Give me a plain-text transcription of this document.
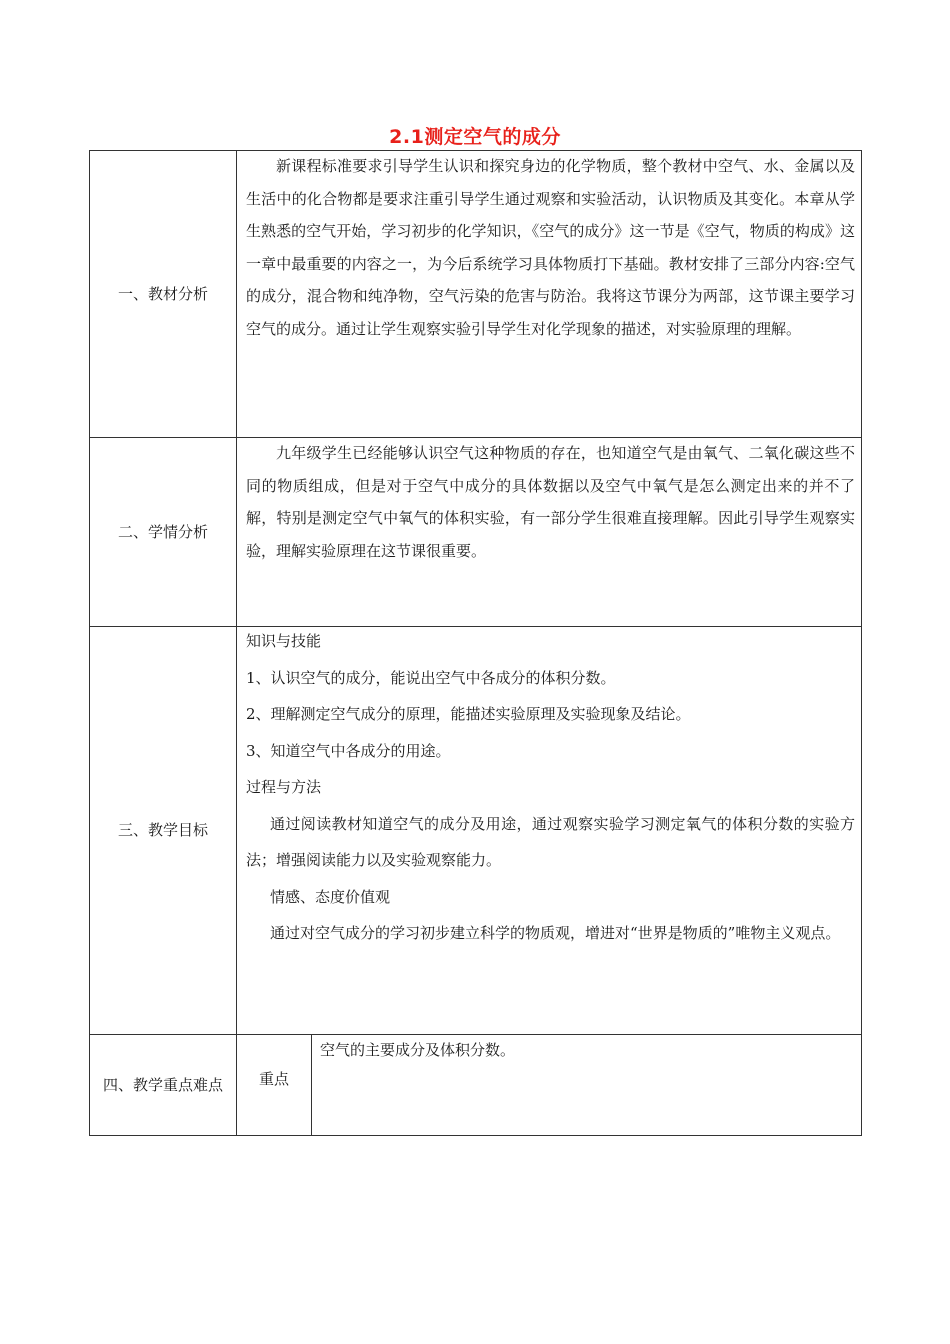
2.1测定空气的成分
一、教材分析

新课程标准要求引导学生认识和探究身边的化学物质，整个教材中空气、水、金属以及生活中的化合物都是要求注重引导学生通过观察和实验活动，认识物质及其变化。本章从学生熟悉的空气开始，学习初步的化学知识，《空气的成分》这一节是《空气，物质的构成》这一章中最重要的内容之一，为今后系统学习具体物质打下基础。教材安排了三部分内容:空气的成分，混合物和纯净物，空气污染的危害与防治。我将这节课分为两部，这节课主要学习空气的成分。通过让学生观察实验引导学生对化学现象的描述，对实验原理的理解。

二、学情分析

九年级学生已经能够认识空气这种物质的存在，也知道空气是由氧气、二氧化碳这些不同的物质组成，但是对于空气中成分的具体数据以及空气中氧气是怎么测定出来的并不了解，特别是测定空气中氧气的体积实验，有一部分学生很难直接理解。因此引导学生观察实验，理解实验原理在这节课很重要。

三、教学目标

知识与技能

1、认识空气的成分，能说出空气中各成分的体积分数。

2、理解测定空气成分的原理，能描述实验原理及实验现象及结论。

3、知道空气中各成分的用途。

过程与方法

通过阅读教材知道空气的成分及用途，通过观察实验学习测定氧气的体积分数的实验方法；增强阅读能力以及实验观察能力。

情感、态度价值观

通过对空气成分的学习初步建立科学的物质观，增进对“世界是物质的”唯物主义观点。

四、教学重点难点 重点

空气的主要成分及体积分数。
